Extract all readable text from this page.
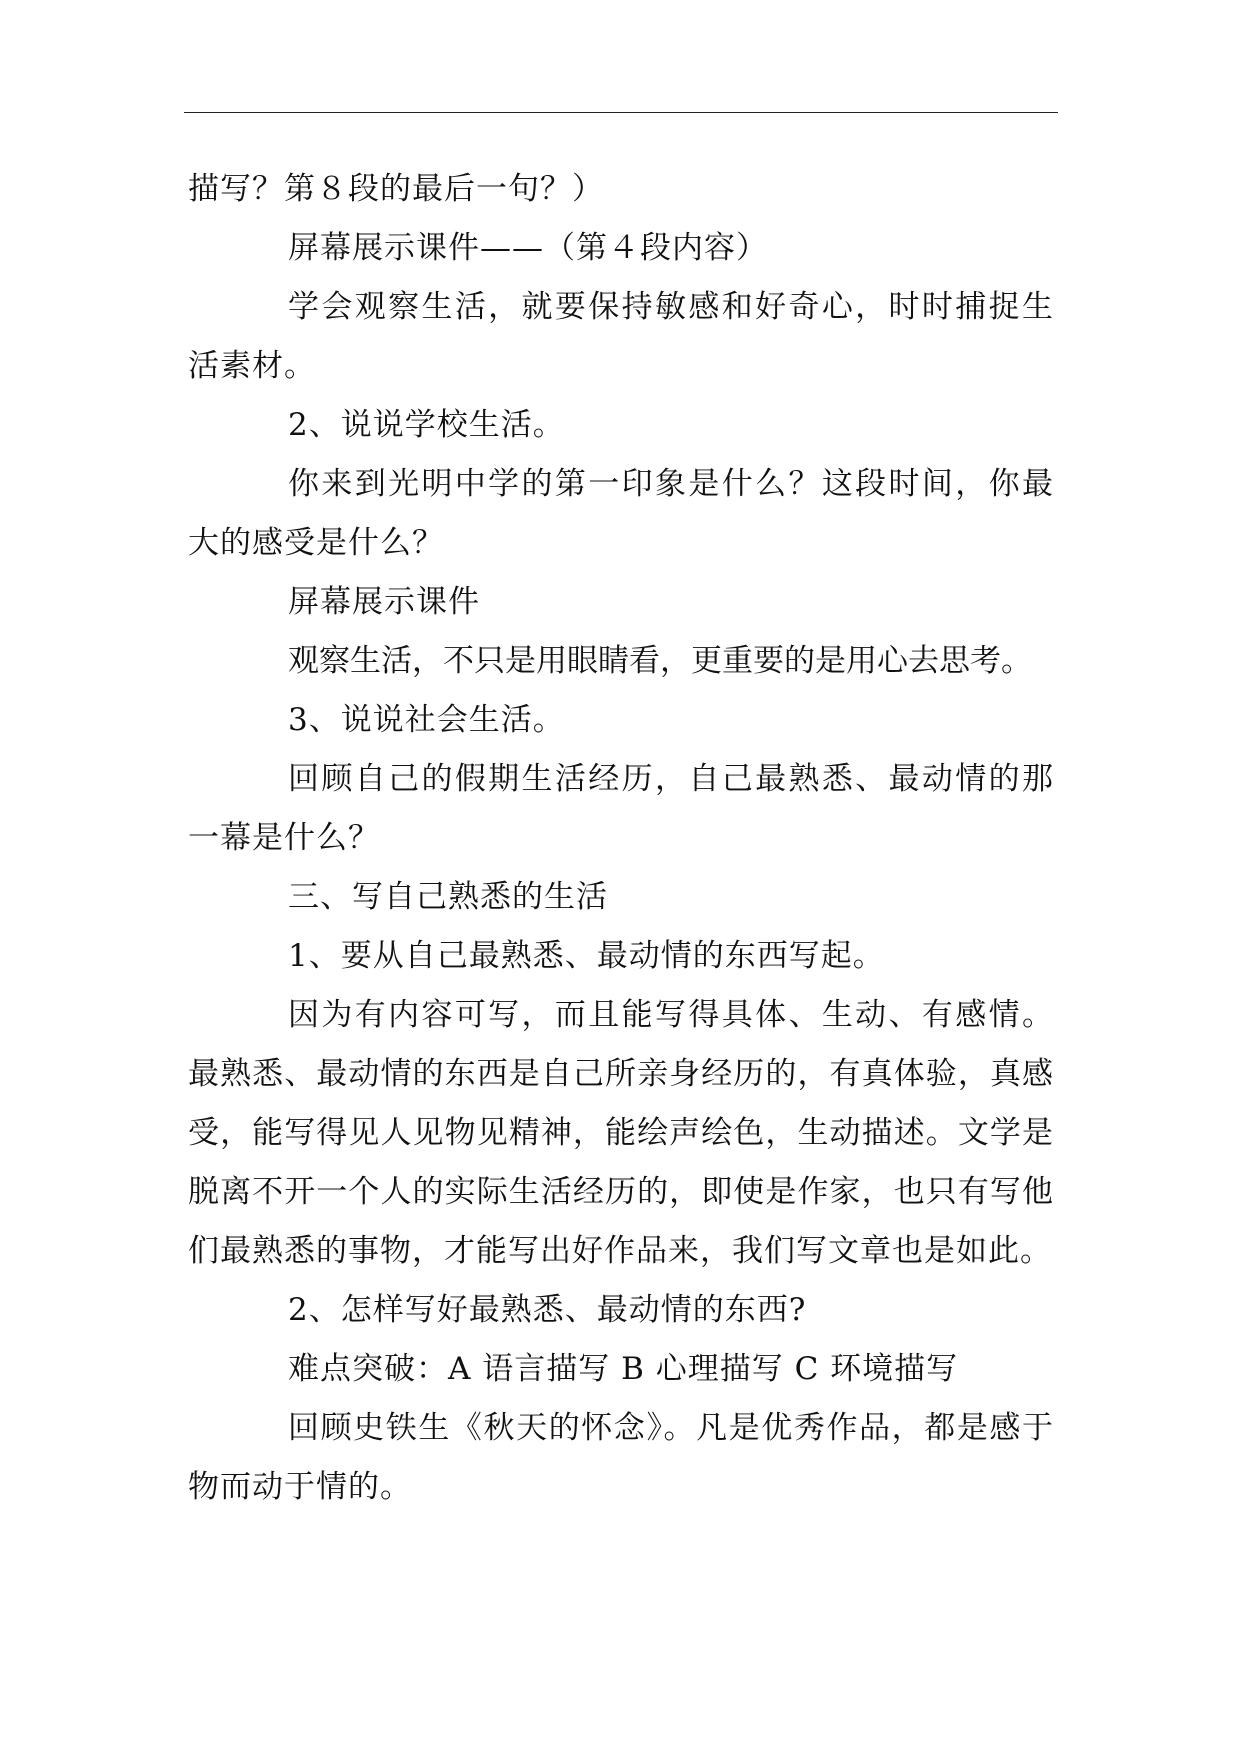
描写？第８段的最后一句？）

屏幕展示课件——（第４段内容）

学会观察生活，就要保持敏感和好奇心，时时捕捉生活素材。

2、说说学校生活。

你来到光明中学的第一印象是什么？这段时间，你最大的感受是什么？

屏幕展示课件

观察生活，不只是用眼睛看，更重要的是用心去思考。

3、说说社会生活。

回顾自己的假期生活经历，自己最熟悉、最动情的那一幕是什么？

三、写自己熟悉的生活

1、要从自己最熟悉、最动情的东西写起。

因为有内容可写，而且能写得具体、生动、有感情。最熟悉、最动情的东西是自己所亲身经历的，有真体验，真感受，能写得见人见物见精神，能绘声绘色，生动描述。文学是脱离不开一个人的实际生活经历的，即使是作家，也只有写他们最熟悉的事物，才能写出好作品来，我们写文章也是如此。

2、怎样写好最熟悉、最动情的东西?

难点突破：A 语言描写 B 心理描写 C 环境描写

回顾史铁生《秋天的怀念》。凡是优秀作品，都是感于物而动于情的。
